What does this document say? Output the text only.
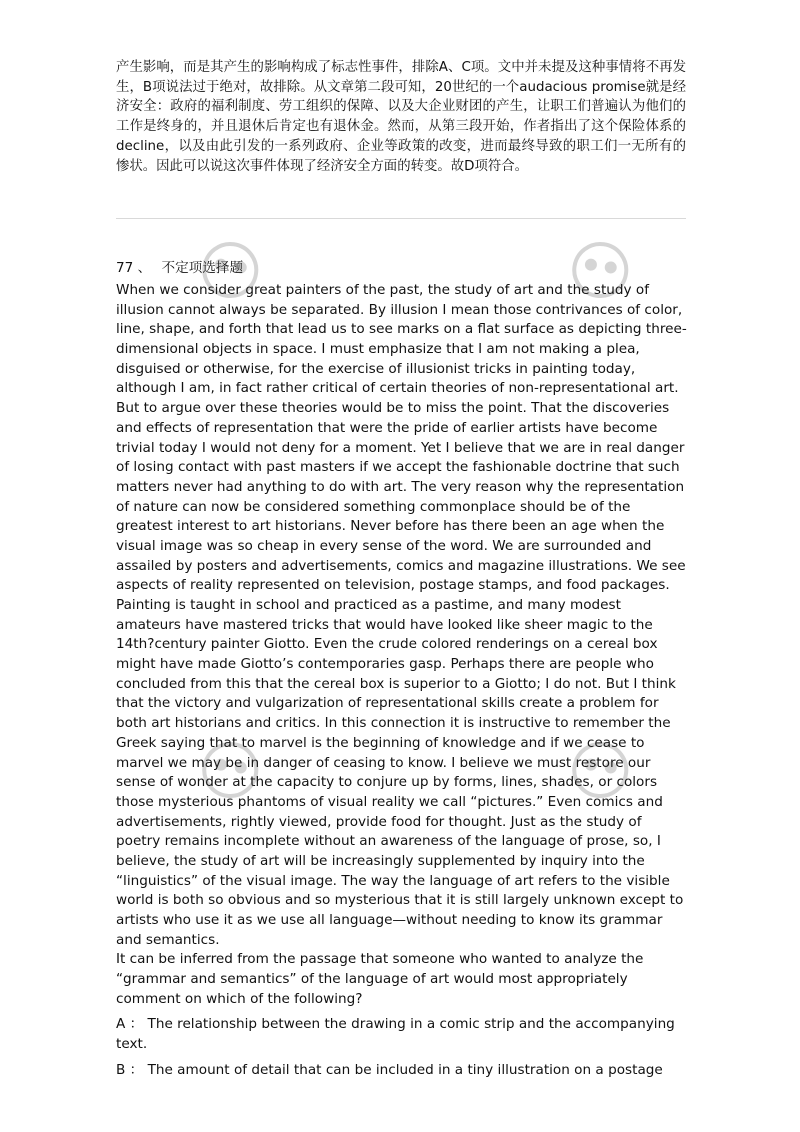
产生影响，而是其产生的影响构成了标志性事件，排除A、C项。文中并未提及这种事情将不再发生，B项说法过于绝对，故排除。从文章第二段可知，20世纪的一个audacious promise就是经济安全：政府的福利制度、劳工组织的保障、以及大企业财团的产生，让职工们普遍认为他们的工作是终身的，并且退休后肯定也有退休金。然而，从第三段开始，作者指出了这个保险体系的decline，以及由此引发的一系列政府、企业等政策的改变，进而最终导致的职工们一无所有的惨状。因此可以说这次事件体现了经济安全方面的转变。故D项符合。

77 、 不定项选择题

When we consider great painters of the past, the study of art and the study of illusion cannot always be separated. By illusion I mean those contrivances of color, line, shape, and forth that lead us to see marks on a flat surface as depicting three-dimensional objects in space. I must emphasize that I am not making a plea, disguised or otherwise, for the exercise of illusionist tricks in painting today, although I am, in fact rather critical of certain theories of non-representational art. But to argue over these theories would be to miss the point. That the discoveries and effects of representation that were the pride of earlier artists have become trivial today I would not deny for a moment. Yet I believe that we are in real danger of losing contact with past masters if we accept the fashionable doctrine that such matters never had anything to do with art. The very reason why the representation of nature can now be considered something commonplace should be of the greatest interest to art historians. Never before has there been an age when the visual image was so cheap in every sense of the word. We are surrounded and assailed by posters and advertisements, comics and magazine illustrations. We see aspects of reality represented on television, postage stamps, and food packages. Painting is taught in school and practiced as a pastime, and many modest amateurs have mastered tricks that would have looked like sheer magic to the 14th?century painter Giotto. Even the crude colored renderings on a cereal box might have made Giotto’s contemporaries gasp. Perhaps there are people who concluded from this that the cereal box is superior to a Giotto; I do not. But I think that the victory and vulgarization of representational skills create a problem for both art historians and critics. In this connection it is instructive to remember the Greek saying that to marvel is the beginning of knowledge and if we cease to marvel we may be in danger of ceasing to know. I believe we must restore our sense of wonder at the capacity to conjure up by forms, lines, shades, or colors those mysterious phantoms of visual reality we call “pictures.” Even comics and advertisements, rightly viewed, provide food for thought. Just as the study of poetry remains incomplete without an awareness of the language of prose, so, I believe, the study of art will be increasingly supplemented by inquiry into the “linguistics” of the visual image. The way the language of art refers to the visible world is both so obvious and so mysterious that it is still largely unknown except to artists who use it as we use all language—without needing to know its grammar and semantics.

It can be inferred from the passage that someone who wanted to analyze the “grammar and semantics” of the language of art would most appropriately comment on which of the following?

A ： The relationship between the drawing in a comic strip and the accompanying text.

B ： The amount of detail that can be included in a tiny illustration on a postage
